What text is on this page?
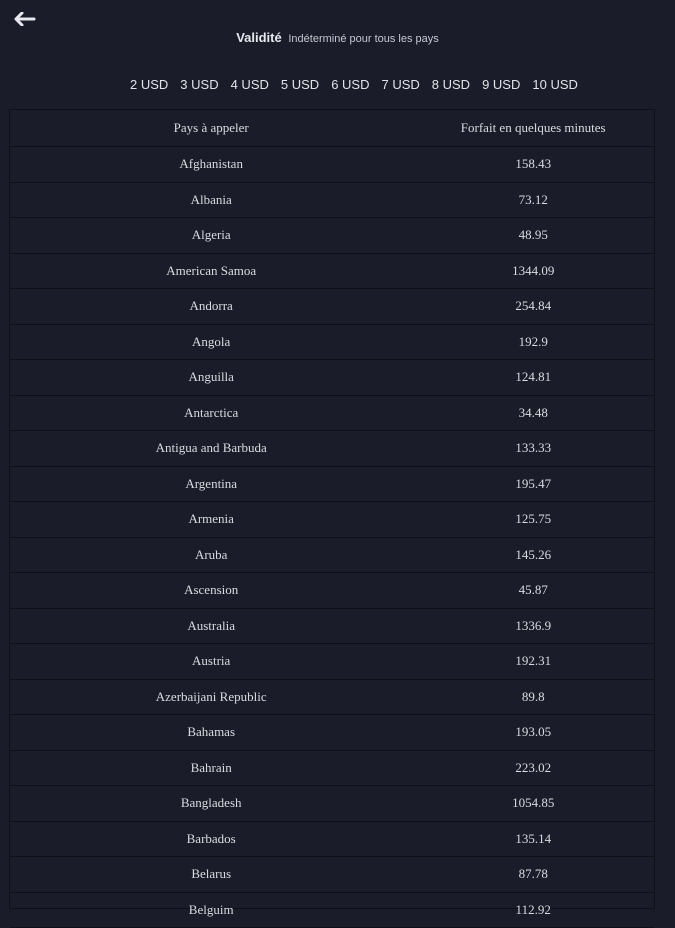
Validité Indéterminé pour tous les pays
2 USD 3 USD 4 USD 5 USD 6 USD 7 USD 8 USD 9 USD 10 USD
Pays à appeler	Forfait en quelques minutes
Afghanistan	158.43
Albania	73.12
Algeria	48.95
American Samoa	1344.09
Andorra	254.84
Angola	192.9
Anguilla	124.81
Antarctica	34.48
Antigua and Barbuda	133.33
Argentina	195.47
Armenia	125.75
Aruba	145.26
Ascension	45.87
Australia	1336.9
Austria	192.31
Azerbaijani Republic	89.8
Bahamas	193.05
Bahrain	223.02
Bangladesh	1054.85
Barbados	135.14
Belarus	87.78
Belguim	112.92
